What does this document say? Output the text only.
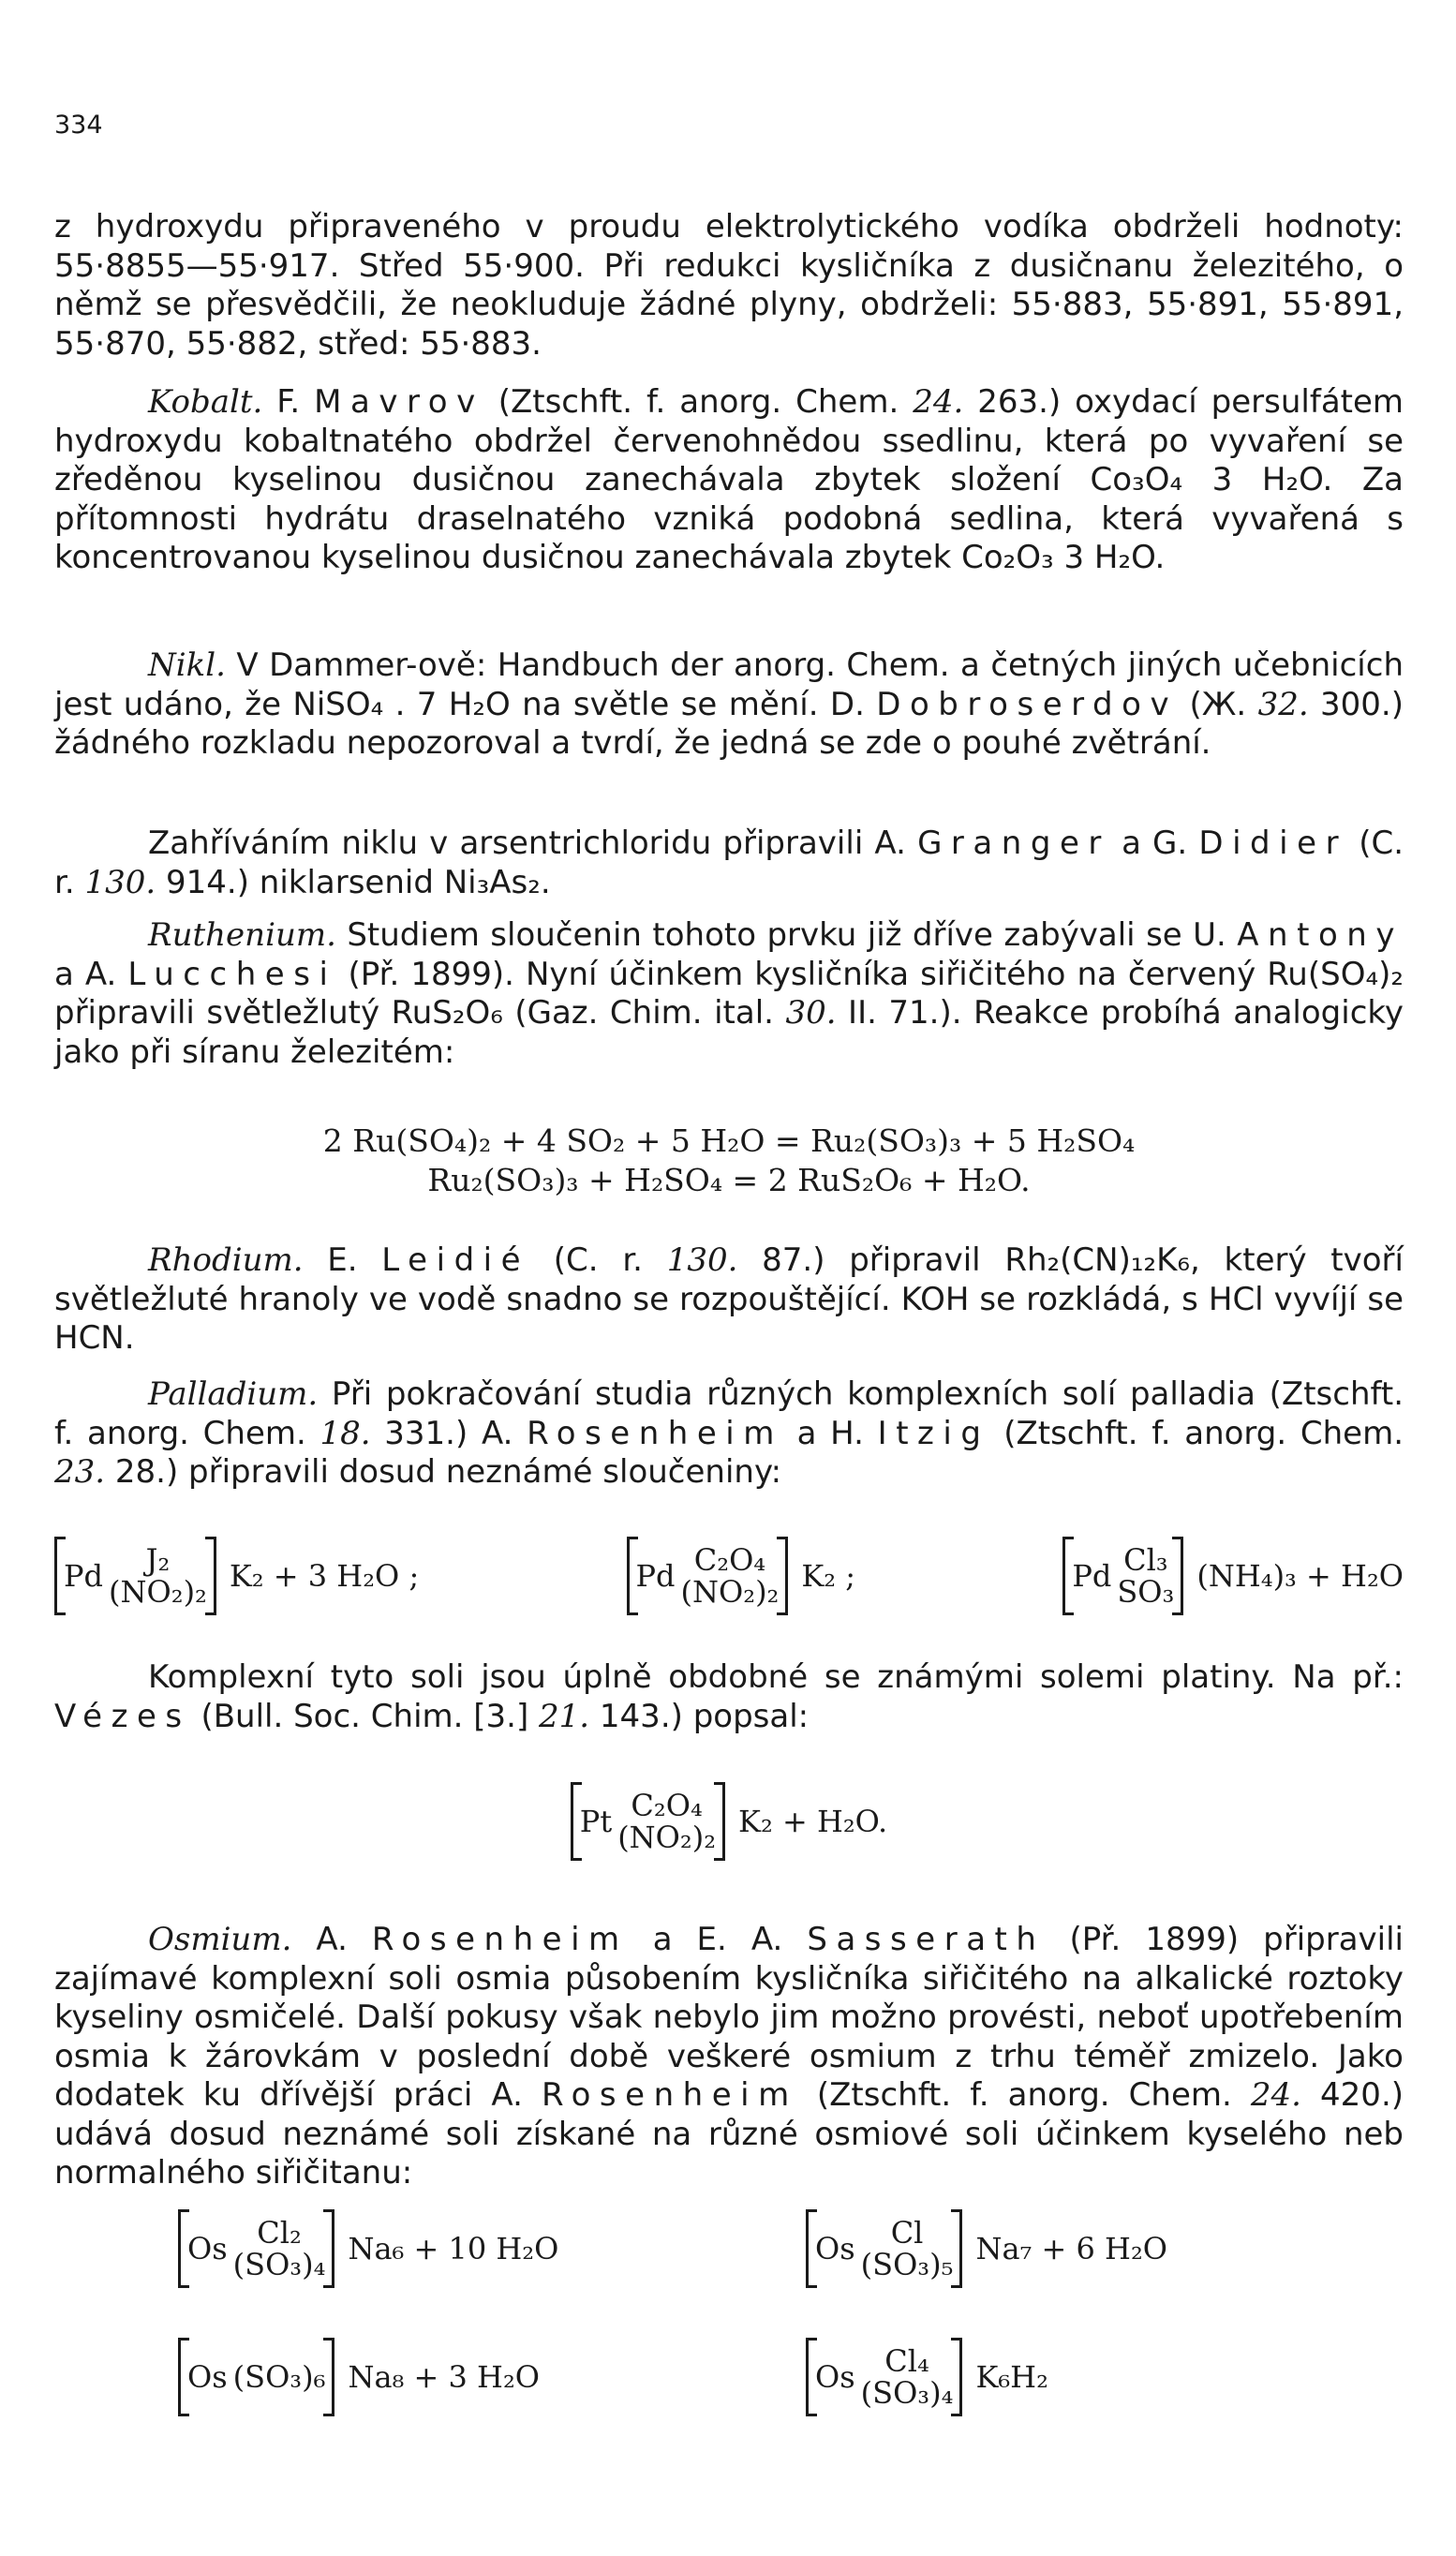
334

z hydroxydu připraveného v proudu elektrolytického vodíka obdrželi hodnoty: 55·8855—55·917. Střed 55·900. Při redukci kysličníka z dusičnanu železitého, o němž se přesvědčili, že neokluduje žádné plyny, obdrželi: 55·883, 55·891, 55·891, 55·870, 55·882, střed: 55·883.

Kobalt. F. Mavrov (Ztschft. f. anorg. Chem. 24. 263.) oxydací persulfátem hydroxydu kobaltnatého obdržel červenohnědou ssedlinu, která po vyvaření se zředěnou kyselinou dusičnou zanechávala zbytek složení Co₃O₄ 3 H₂O. Za přítomnosti hydrátu draselnatého vzniká podobná sedlina, která vyvařená s koncentrovanou kyselinou dusičnou zanechávala zbytek Co₂O₃ 3 H₂O.

Nikl. V Dammer-ově: Handbuch der anorg. Chem. a četných jiných učebnicích jest udáno, že NiSO₄ . 7 H₂O na světle se mění. D. Dobroserdov (Ж. 32. 300.) žádného rozkladu nepozoroval a tvrdí, že jedná se zde o pouhé zvětrání.

Zahříváním niklu v arsentrichloridu připravili A. Granger a G. Didier (C. r. 130. 914.) niklarsenid Ni₃As₂.

Ruthenium. Studiem sloučenin tohoto prvku již dříve zabývali se U. Antony a A. Lucchesi (Př. 1899). Nyní účinkem kysličníka siřičitého na červený Ru(SO₄)₂ připravili světležlutý RuS₂O₆ (Gaz. Chim. ital. 30. II. 71.). Reakce probíhá analogicky jako při síranu železitém:

2 Ru(SO₄)₂ + 4 SO₂ + 5 H₂O = Ru₂(SO₃)₃ + 5 H₂SO₄
Ru₂(SO₃)₃ + H₂SO₄ = 2 RuS₂O₆ + H₂O.

Rhodium. E. Leidié (C. r. 130. 87.) připravil Rh₂(CN)₁₂K₆, který tvoří světležluté hranoly ve vodě snadno se rozpouštějící. KOH se rozkládá, s HCl vyvíjí se HCN.

Palladium. Při pokračování studia různých komplexních solí palladia (Ztschft. f. anorg. Chem. 18. 331.) A. Rosenheim a H. Itzig (Ztschft. f. anorg. Chem. 23. 28.) připravili dosud neznámé sloučeniny:

Pd J₂
(NO₂)₂ K₂ + 3 H₂O ;	Pd C₂O₄
(NO₂)₂ K₂ ;	Pd Cl₃
SO₃ (NH₄)₃ + H₂O

Komplexní tyto soli jsou úplně obdobné se známými solemi platiny. Na př.: Vézes (Bull. Soc. Chim. [3.] 21. 143.) popsal:

Pt C₂O₄
(NO₂)₂ K₂ + H₂O.

Osmium. A. Rosenheim a E. A. Sasserath (Př. 1899) připravili zajímavé komplexní soli osmia působením kysličníka siřičitého na alkalické roztoky kyseliny osmičelé. Další pokusy však nebylo jim možno provésti, neboť upotřebením osmia k žárovkám v poslední době veškeré osmium z trhu téměř zmizelo. Jako dodatek ku dřívější práci A. Rosenheim (Ztschft. f. anorg. Chem. 24. 420.) udává dosud neznámé soli získané na různé osmiové soli účinkem kyselého neb normalného siřičitanu:

Os Cl₂
(SO₃)₄ Na₆ + 10 H₂O	Os Cl
(SO₃)₅ Na₇ + 6 H₂O
Os (SO₃)₆ Na₈ + 3 H₂O	Os Cl₄
(SO₃)₄ K₆H₂
